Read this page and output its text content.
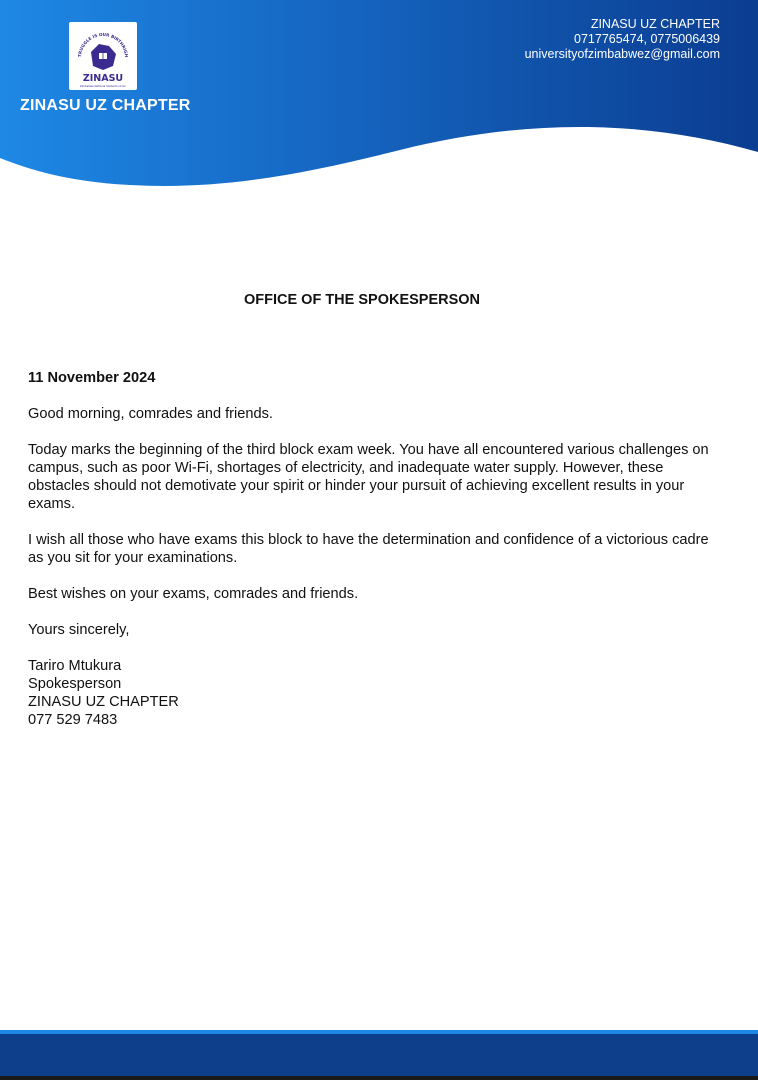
TRUGGLE IS OUR BIRTHRIGH
ZINASU
Zimbabwe National Students Union
ZINASU UZ CHAPTER
ZINASU UZ CHAPTER
0717765474, 0775006439
universityofzimbabwez@gmail.com
OFFICE OF THE SPOKESPERSON

11 November 2024

Good morning, comrades and friends.

Today marks the beginning of the third block exam week. You have all encountered various challenges on campus, such as poor Wi-Fi, shortages of electricity, and inadequate water supply. However, these obstacles should not demotivate your spirit or hinder your pursuit of achieving excellent results in your exams.

I wish all those who have exams this block to have the determination and confidence of a victorious cadre as you sit for your examinations.

Best wishes on your exams, comrades and friends.

Yours sincerely,

Tariro Mtukura
Spokesperson
ZINASU UZ CHAPTER
077 529 7483
